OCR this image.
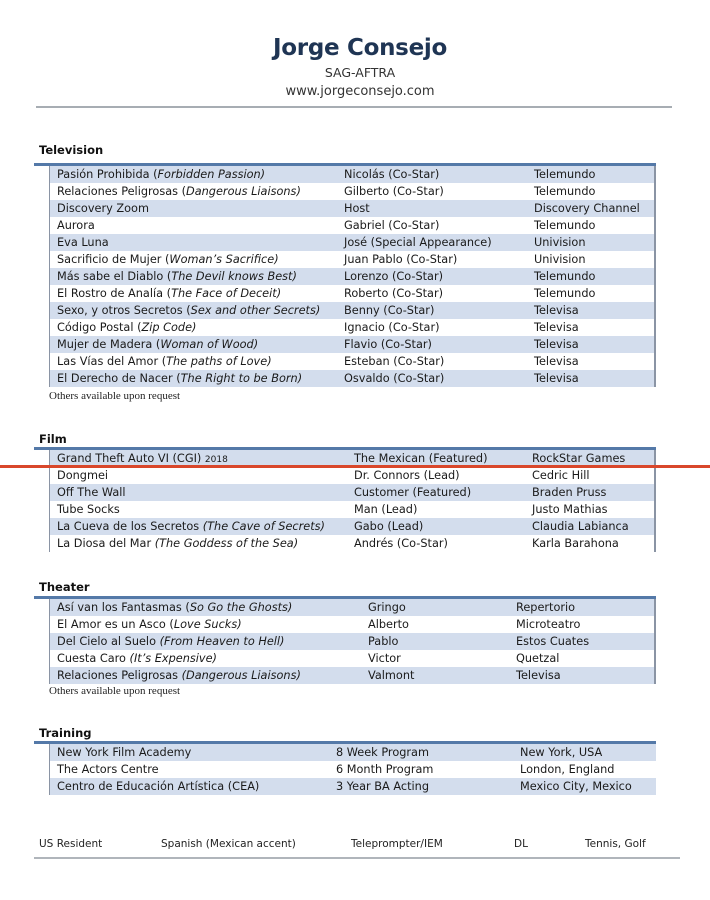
Jorge Consejo
SAG-AFTRA
www.jorgeconsejo.com
Television
Pasión Prohibida (Forbidden Passion)	Nicolás (Co-Star)	Telemundo
Relaciones Peligrosas (Dangerous Liaisons)	Gilberto (Co-Star)	Telemundo
Discovery Zoom	Host	Discovery Channel
Aurora	Gabriel (Co-Star)	Telemundo
Eva Luna	José (Special Appearance)	Univision
Sacrificio de Mujer (Woman’s Sacrifice)	Juan Pablo (Co-Star)	Univision
Más sabe el Diablo (The Devil knows Best)	Lorenzo (Co-Star)	Telemundo
El Rostro de Analía (The Face of Deceit)	Roberto (Co-Star)	Telemundo
Sexo, y otros Secretos (Sex and other Secrets)	Benny (Co-Star)	Televisa
Código Postal (Zip Code)	Ignacio (Co-Star)	Televisa
Mujer de Madera (Woman of Wood)	Flavio (Co-Star)	Televisa
Las Vías del Amor (The paths of Love)	Esteban (Co-Star)	Televisa
El Derecho de Nacer (The Right to be Born)	Osvaldo (Co-Star)	Televisa
Others available upon request
Film
Grand Theft Auto VI (CGI) 2018	The Mexican (Featured)	RockStar Games
Dongmei	Dr. Connors (Lead)	Cedric Hill
Off The Wall	Customer (Featured)	Braden Pruss
Tube Socks	Man (Lead)	Justo Mathias
La Cueva de los Secretos (The Cave of Secrets)	Gabo (Lead)	Claudia Labianca
La Diosa del Mar (The Goddess of the Sea)	Andrés (Co-Star)	Karla Barahona
Theater
Así van los Fantasmas (So Go the Ghosts)	Gringo	Repertorio
El Amor es un Asco (Love Sucks)	Alberto	Microteatro
Del Cielo al Suelo (From Heaven to Hell)	Pablo	Estos Cuates
Cuesta Caro (It’s Expensive)	Victor	Quetzal
Relaciones Peligrosas (Dangerous Liaisons)	Valmont	Televisa
Others available upon request
Training
New York Film Academy	8 Week Program	New York, USA
The Actors Centre	6 Month Program	London, England
Centro de Educación Artística (CEA)	3 Year BA Acting	Mexico City, Mexico
US Resident	Spanish (Mexican accent)	Teleprompter/IEM	DL	Tennis, Golf
